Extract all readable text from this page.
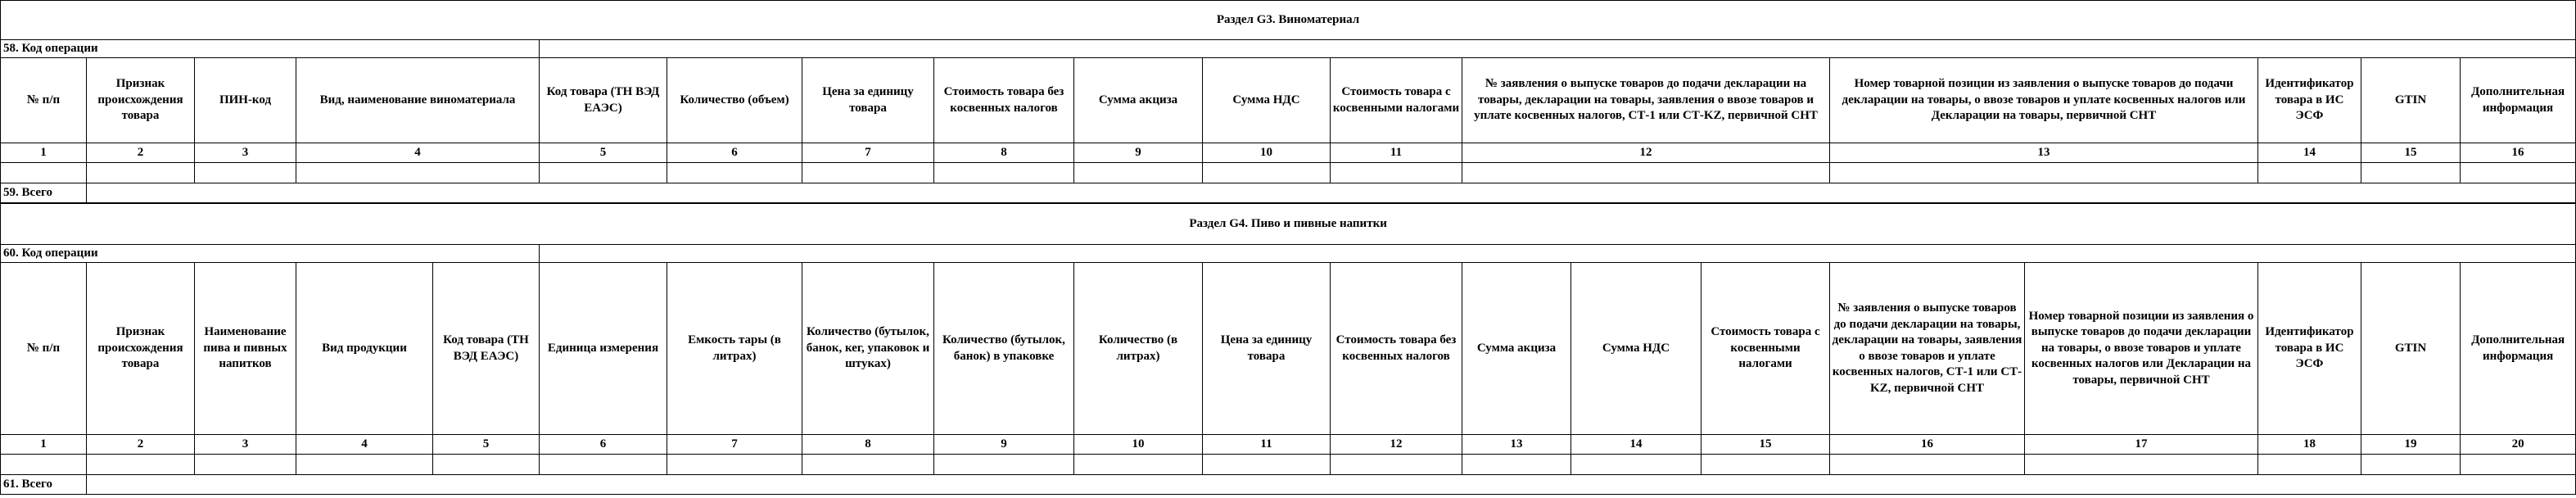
Раздел G3. Виноматериал															
58. Код операции															
№ п/п	Признак происхождения товара	ПИН-код	Вид, наименование виноматериала	Код товара (ТН ВЭД ЕАЭС)	Количество (объем)	Цена за единицу товара	Стоимость товара без косвенных налогов	Сумма акциза	Сумма НДС	Стоимость товара с косвенными налогами	№ заявления о выпуске товаров до подачи декларации на товары, декларации на товары, заявления о ввозе товаров и уплате косвенных налогов, СТ-1 или СТ-KZ, первичной СНТ	Номер товарной позиции из заявления о выпуске товаров до подачи декларации на товары, о ввозе товаров и уплате косвенных налогов или Декларации на товары, первичной СНТ	Идентификатор товара в ИС ЭСФ	GTIN	Дополнительная информация
1	2	3	4	5	6	7	8	9	10	11	12	13	14	15	16

59. Всего															
Раздел G4. Пиво и пивные напитки																			
60. Код операции																			
№ п/п	Признак происхождения товара	Наименование пива и пивных напитков	Вид продукции	Код товара (ТН ВЭД ЕАЭС)	Единица измерения	Емкость тары (в литрах)	Количество (бутылок, банок, кег, упаковок и штуках)	Количество (бутылок, банок) в упаковке	Количество (в литрах)	Цена за единицу товара	Стоимость товара без косвенных налогов	Сумма акциза	Сумма НДС	Стоимость товара с косвенными налогами	№ заявления о выпуске товаров до подачи декларации на товары, декларации на товары, заявления о ввозе товаров и уплате косвенных налогов, СТ-1 или СТ-KZ, первичной СНТ	Номер товарной позиции из заявления о выпуске товаров до подачи декларации на товары, о ввозе товаров и уплате косвенных налогов или Декларации на товары, первичной СНТ	Идентификатор товара в ИС ЭСФ	GTIN	Дополнительная информация
1	2	3	4	5	6	7	8	9	10	11	12	13	14	15	16	17	18	19	20

61. Всего																			
